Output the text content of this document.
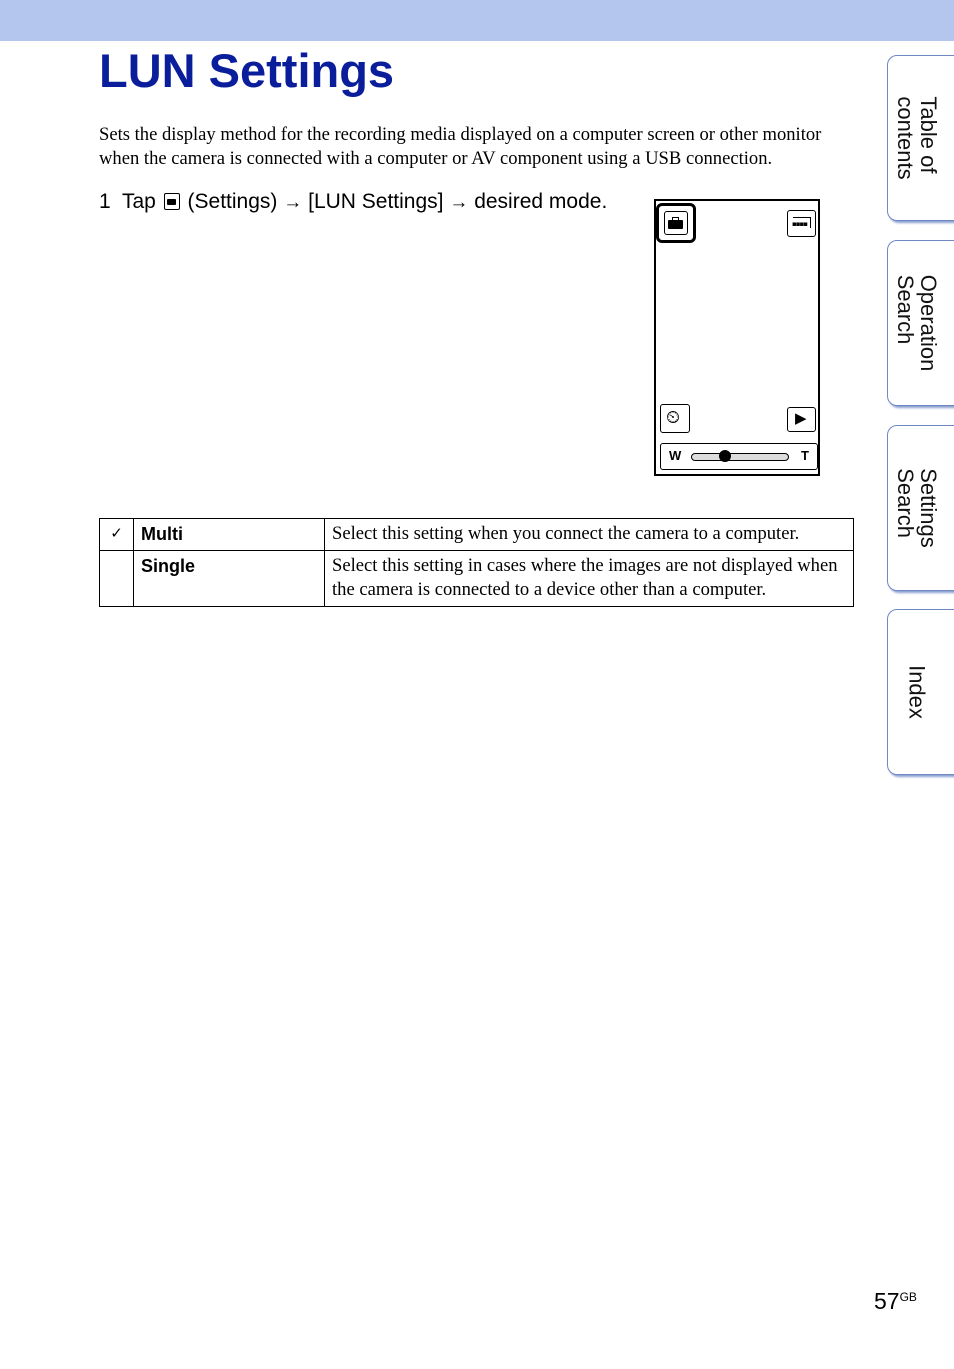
LUN Settings
Sets the display method for the recording media displayed on a computer screen or other monitor when the camera is connected with a computer or AV component using a USB connection.
1 Tap (Settings) → [LUN Settings] → desired mode.
▪▪▪▪
⏲	▶
W	T
✓	Multi	Select this setting when you connect the camera to a computer.
	Single	Select this setting in cases where the images are not displayed when the camera is connected to a device other than a computer.
Table of
contents
Operation
Search
Settings
Search
Index
$57^{GB}$
